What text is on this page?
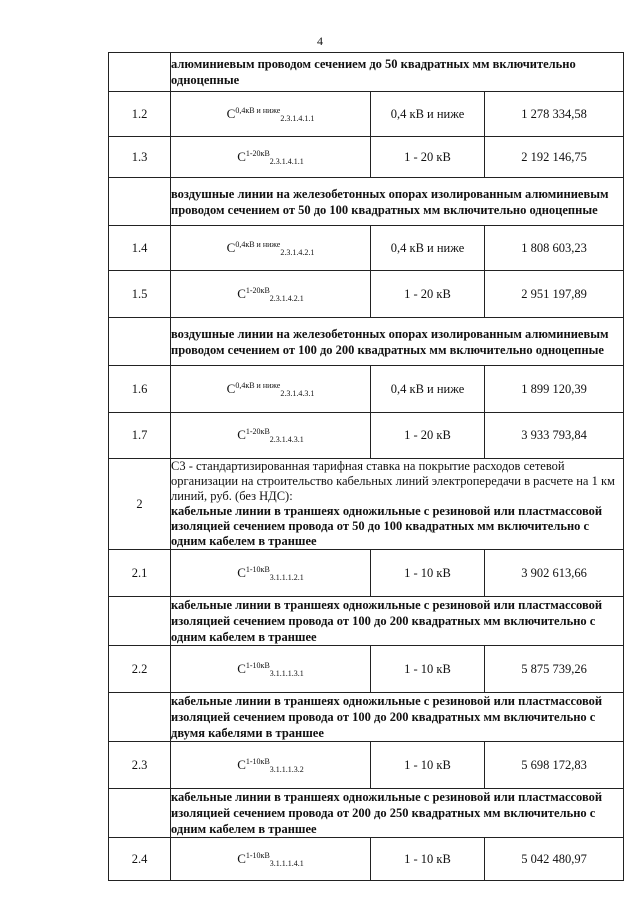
4
	алюминиевым проводом сечением до 50 квадратных мм включительно одноцепные		
1.2	$C^{0,4кВ и ниже}_{2.3.1.4.1.1}$	0,4 кВ и ниже	1 278 334,58
1.3	$C^{1-20кВ}_{2.3.1.4.1.1}$	1 - 20 кВ	2 192 146,75
	воздушные линии на железобетонных опорах изолированным алюминиевым проводом сечением от 50 до 100 квадратных мм включительно одноцепные		
1.4	$C^{0,4кВ и ниже}_{2.3.1.4.2.1}$	0,4 кВ и ниже	1 808 603,23
1.5	$C^{1-20кВ}_{2.3.1.4.2.1}$	1 - 20 кВ	2 951 197,89
	воздушные линии на железобетонных опорах изолированным алюминиевым проводом сечением от 100 до 200 квадратных мм включительно одноцепные		
1.6	$C^{0,4кВ и ниже}_{2.3.1.4.3.1}$	0,4 кВ и ниже	1 899 120,39
1.7	$C^{1-20кВ}_{2.3.1.4.3.1}$	1 - 20 кВ	3 933 793,84
2	С3 - стандартизированная тарифная ставка на покрытие расходов сетевой организации на строительство кабельных линий электропередачи в расчете на 1 км линий, руб. (без НДС):
кабельные линии в траншеях одножильные с резиновой или пластмассовой изоляцией сечением провода от 50 до 100 квадратных мм включительно с одним кабелем в траншее		

2.1	$C^{1-10кВ}_{3.1.1.1.2.1}$	1 - 10 кВ	3 902 613,66
	кабельные линии в траншеях одножильные с резиновой или пластмассовой изоляцией сечением провода от 100 до 200 квадратных мм включительно с одним кабелем в траншее		
2.2	$C^{1-10кВ}_{3.1.1.1.3.1}$	1 - 10 кВ	5 875 739,26
	кабельные линии в траншеях одножильные с резиновой или пластмассовой изоляцией сечением провода от 100 до 200 квадратных мм включительно с двумя кабелями в траншее		
2.3	$C^{1-10кВ}_{3.1.1.1.3.2}$	1 - 10 кВ	5 698 172,83
	кабельные линии в траншеях одножильные с резиновой или пластмассовой изоляцией сечением провода от 200 до 250 квадратных мм включительно с одним кабелем в траншее		
2.4	$C^{1-10кВ}_{3.1.1.1.4.1}$	1 - 10 кВ	5 042 480,97
